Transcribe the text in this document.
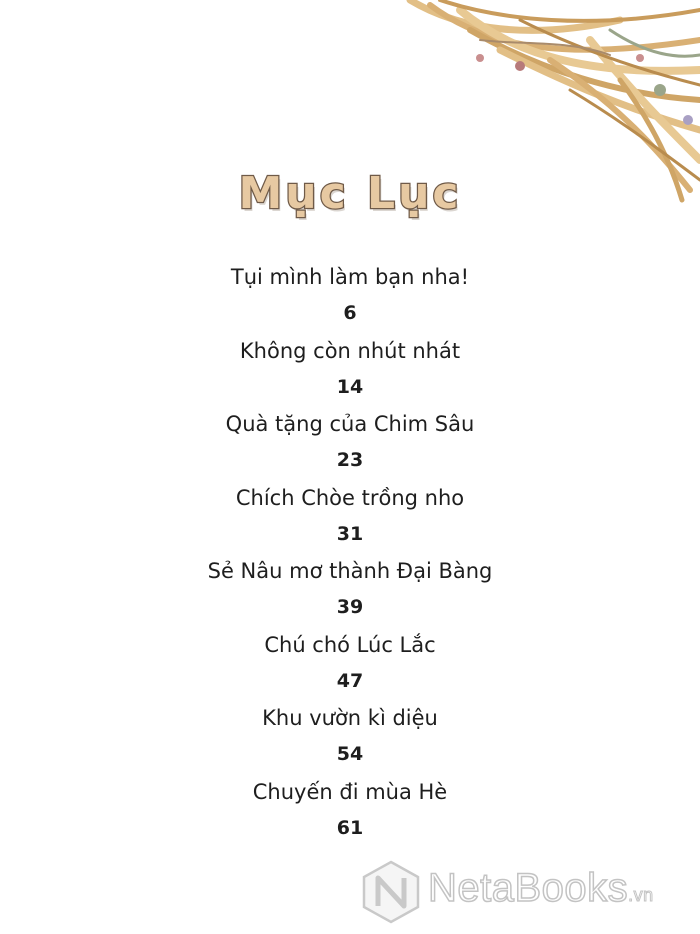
Mục Lục
Tụi mình làm bạn nha!
6
Không còn nhút nhát
14
Quà tặng của Chim Sâu
23
Chích Chòe trồng nho
31
Sẻ Nâu mơ thành Đại Bàng
39
Chú chó Lúc Lắc
47
Khu vườn kì diệu
54
Chuyến đi mùa Hè
61
NetaBooks.vn
